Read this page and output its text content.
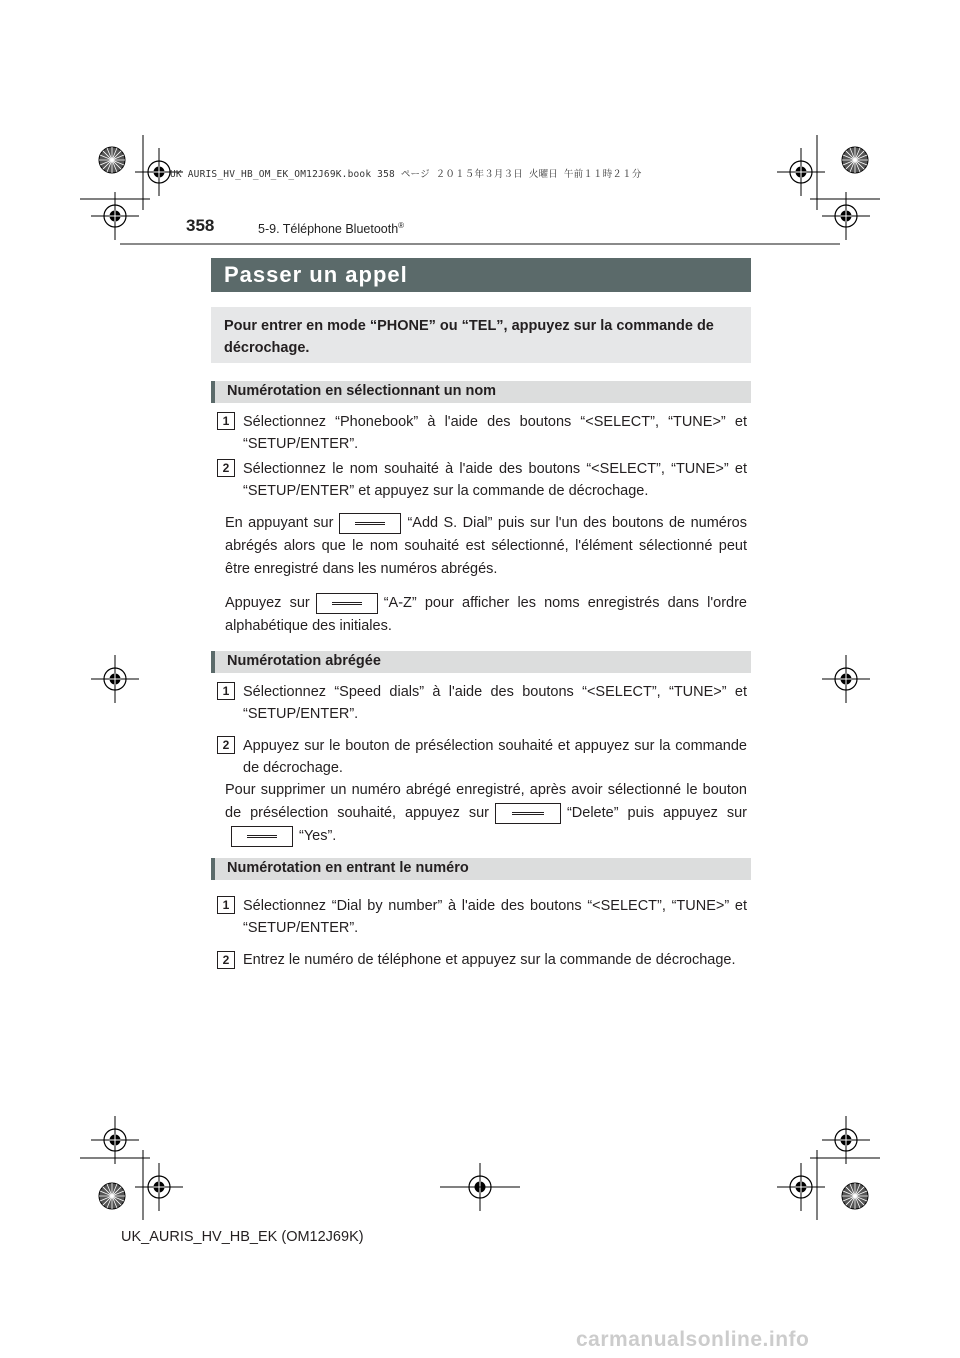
UK AURIS_HV_HB_OM_EK_OM12J69K.book 358 ページ ２０１５年３月３日 火曜日 午前１１時２１分
358	5-9. Téléphone Bluetooth®
Passer un appel
Pour entrer en mode “PHONE” ou “TEL”, appuyez sur la commande de décrochage.
Numérotation en sélectionnant un nom
1 Sélectionnez “Phonebook” à l'aide des boutons “<SELECT”, “TUNE>” et “SETUP/ENTER”.
2 Sélectionnez le nom souhaité à l'aide des boutons “<SELECT”, “TUNE>” et “SETUP/ENTER” et appuyez sur la commande de décrochage.
En appuyant sur	“Add S. Dial” puis sur l'un des boutons de numéros abrégés alors que le nom souhaité est sélectionné, l'élément sélectionné peut être enregistré dans les numéros abrégés.
Appuyez sur	“A-Z” pour afficher les noms enregistrés dans l'ordre alphabétique des initiales.
Numérotation abrégée
1 Sélectionnez “Speed dials” à l'aide des boutons “<SELECT”, “TUNE>” et “SETUP/ENTER”.
2 Appuyez sur le bouton de présélection souhaité et appuyez sur la commande de décrochage.
Pour supprimer un numéro abrégé enregistré, après avoir sélectionné le bouton de présélection souhaité, appuyez sur	“Delete” puis appuyez sur“Yes”.
Numérotation en entrant le numéro
1 Sélectionnez “Dial by number” à l'aide des boutons “<SELECT”, “TUNE>” et “SETUP/ENTER”.
2 Entrez le numéro de téléphone et appuyez sur la commande de décrochage.
UK_AURIS_HV_HB_EK (OM12J69K)
carmanualsonline.info
